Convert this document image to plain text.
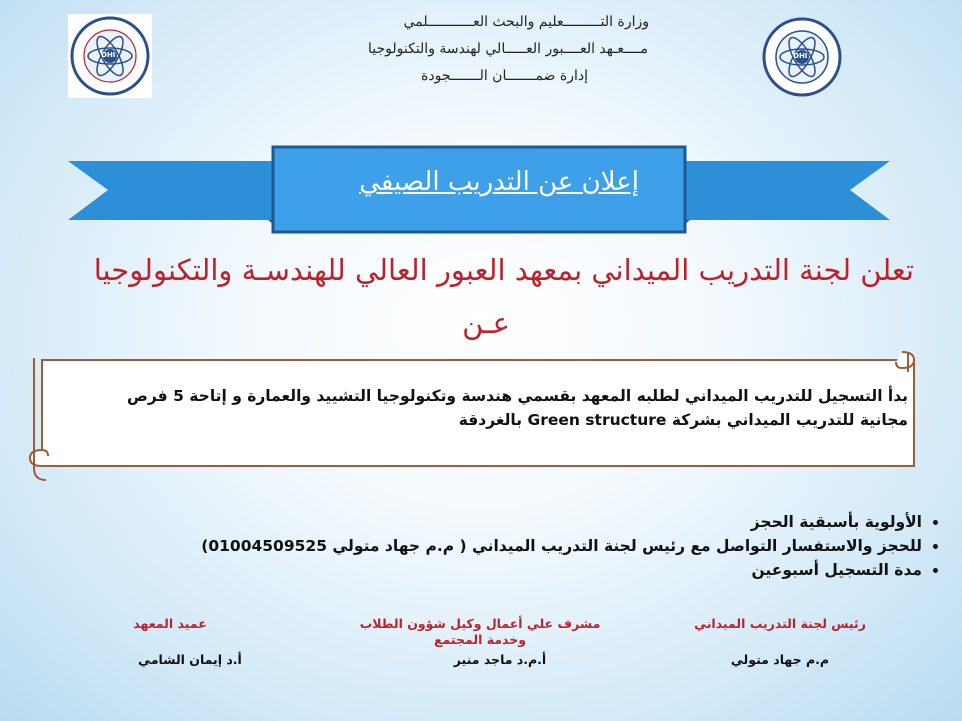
OHI
OHI
وزارة التـــــــــعليم والبحث العـــــــــــلمي
مــــعـهد العــــبور العـــــالي لهندسة والتكنولوجيا
إدارة ضمـــــــان الـــــــجودة
إعلان عن التدريب الصيفي
تعلن لجنة التدريب الميداني بمعهد العبور العالي للهندسـة والتكنولوجيا
عـن
بدأ التسجيل للتدريب الميداني لطلبه المعهد بقسمي هندسة وتكنولوجيا التشييد والعمارة و إتاحة 5 فرص
مجانية للتدريب الميداني بشركة Green structure بالغردقة
• الأولوية بأسبقية الحجز
• للحجز والاستفسار التواصل مع رئيس لجنة التدريب الميداني ( م.م جهاد متولي 01004509525)
• مدة التسجيل أسبوعين
رئيس لجنة التدريب الميداني
م.م جهاد متولي
مشرف علي أعمال وكيل شؤون الطلاب
وخدمة المجتمع
أ.م.د ماجد منير
عميد المعهد
أ.د إيمان الشامي
